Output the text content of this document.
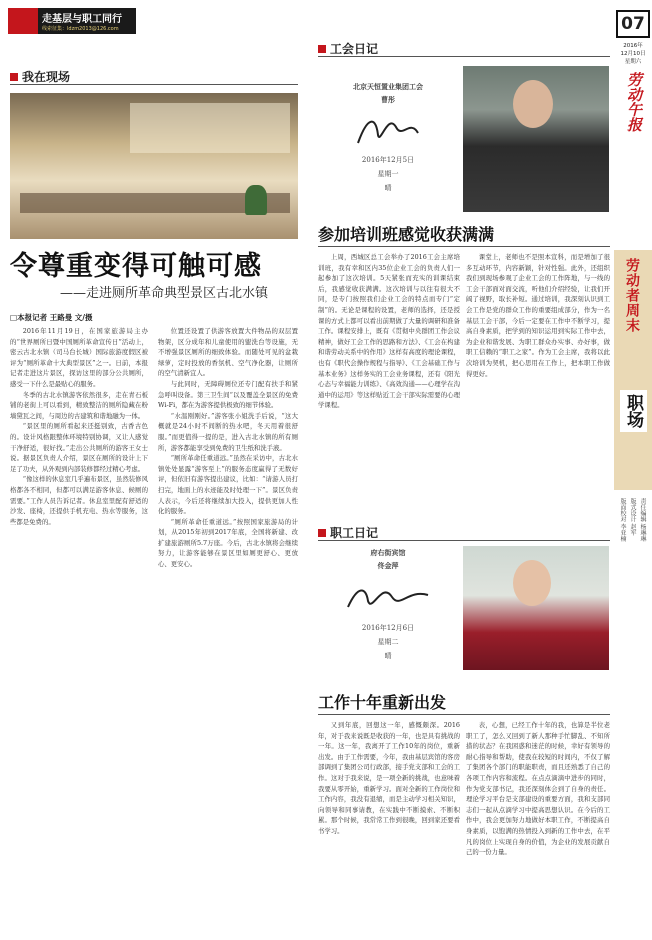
走基层与职工同行
线索征集：ldzm2013@126.com
我在现场
令尊重变得可触可感
——走进厕所革命典型景区古北水镇
□本报记者 王路曼 文/摄

2016年11月19日，在国家旅游局主办的“世界厕所日暨中国厕所革命宣传日”活动上，密云古北水镇（司马台长城）国际旅游度假区被评为“厕所革命十大典型景区”之一。日前，本报记者走进这片景区，探访这里的部分公共厕所，感受一下什么是最贴心的服务。

冬季的古北水镇游客依然很多，走在青石板铺的老街上可以看到，精致整洁的厕所隐藏在粉墙黛瓦之间，与周边的古建筑和谐地融为一体。

“景区里的厕所看起来还挺别致，古香古色的。设计风格跟整体环境特别协调，又让人感觉干净舒适，很好找。”走出公共厕所的游客王女士说。据景区负责人介绍，景区在厕所的设计上下足了功夫，从外观到内部装修都经过精心考虑。

“像这样的休息室几乎遍布景区，虽然装修风格都各不相同，但都可以满足游客休息、候厕的需要。”工作人员告诉记者。休息室里配有舒适的沙发、座椅，还提供手机充电、热水等服务，这些都是免费的。

位置还设置了供游客放置大件物品的双层置物架，区分成年和儿童使用的盥洗台等设施，无不增强景区厕所的细致体验。而随处可见的盆栽绿萝，定时投放的香氛机、空气净化器，让厕所的空气清新宜人。

与此同时，无障碍厕位还专门配有扶手和紧急呼叫设备。第三卫生间“以及覆盖全景区的免费Wi-Fi，都在为游客提供极致的细节体验。

“水温刚刚好。”游客张小姐洗手后说，“这大概就是24小时不间断的热水吧，冬天用着很舒服。”而更值得一提的是，进入古北水镇的所有厕所，游客都能享受到免费的卫生纸和洗手液。

“厕所革命任重道远。”虽然在采访中，古北水镇处处显露“游客至上”的服务态度赢得了无数好评，但依旧有游客提出建议，比如：“请游人员打扫完，地面上的水迹能及时处理一下”。景区负责人表示，今后还将继续加大投入，提供更加人性化的服务。

“厕所革命任重道远。”按照国家旅游局的计划，从2015年初到2017年底，全国将新建、改扩建旅游厕所5.7万座。今后，古北水镇将会继续努力，让游客能够在景区里如厕更舒心、更放心、更安心。

工会日记
北京天恒置业集团工会
曹彤
2016年12月5日
星期一
晴
参加培训班感觉收获满满

上周，西城区总工会举办了2016工会主席培训班，我有幸和区内35位企业工会的负责人们一起参加了这次培训。5天紧张而充实的训课结束后，我感觉收获满满。这次培训与以往有很大不同，是专门按照我们企业工会的特点而专门“定制”的。无论是课程的设置，老师的选择，还是授课的方式上都可以看出前期做了大量的调研和准备工作。课程安排上，既有《贯彻中央群团工作会议精神，做好工会工作的思路和方法》、《工会在构建和谐劳动关系中的作用》这样有高度的理论课程，也有《职代会操作规程与指导》、《工会基础工作与基本业务》这样务实的工会业务课程，还有《阳光心态与幸福能力训练》、《高效沟通——心理学在沟通中的运用》等这样贴近工会干部实际需要的心理学课程。

课堂上，老师也不是照本宣科，而是增加了很多互动环节，内容新颖，针对性强。此外，还组织我们到现场参观了企业工会的工作阵地，与一线的工会干部面对面交流，听他们介绍经验，让我们开阔了视野，取长补短。通过培训，我深刻认识到工会工作是党的群众工作的重要组成部分，作为一名基层工会干部，今后一定要在工作中不断学习，提高自身素质，把学到的知识运用到实际工作中去，为企业和谐发展、为职工群众办实事、办好事，做职工信赖的“职工之家”。作为工会主席，我将以此次培训为契机，把心思用在工作上，把本职工作做得更好。

职工日记
府右街宾馆
佟金萍
2016年12月6日
星期二
晴
工作十年重新出发

又到年底，回想这一年，感慨颇深。2016年，对于我来说既是收获的一年，也是具有挑战的一年。这一年，我离开了工作10年的岗位，重新出发。由于工作需要，今年，我由基层宾馆的客房部调到了集团公司行政部，接手党支部和工会的工作。这对于我来说，是一项全新的挑战，也意味着我要从零开始，重新学习。面对全新的工作岗位和工作内容，我没有退缩，而是主动学习相关知识，向领导和同事请教，在实践中不断摸索、不断积累。那个时候，我常常工作到很晚，回到家还要看书学习。

表，心想，已经工作十年的我，也算是半位老职工了，怎么又回到了新人那种手忙脚乱、不知所措的状态？在我困惑和迷茫的时候，幸好有领导的耐心指导和帮助，使我在较短的时间内，不仅了解了集团各个部门的职能职责，而且还熟悉了自己的各项工作内容和流程。在点点滴滴中进步的同时，作为党支部书记，我还深刻体会到了自身的责任。理论学习平台是支部建设的重要方面，我和支部同志们一起从点滴学习中提高思想认识。在今后的工作中，我会更加努力地做好本职工作，不断提高自身素质，以饱满的热情投入到新的工作中去，在平凡的岗位上实现自身的价值，为企业的发展贡献自己的一份力量。

07
2016年
12月10日
星期六
劳动午报
劳动者周末
职场
责任编辑 杨琳琳
版式设计 赵军
版面校对 李亚楠
